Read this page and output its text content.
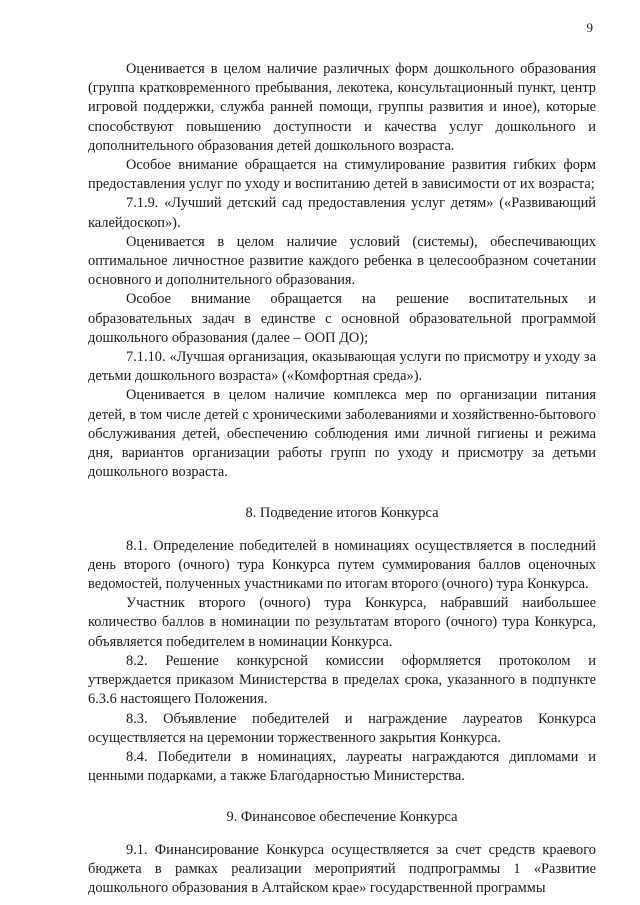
9

Оценивается в целом наличие различных форм дошкольного образования (группа кратковременного пребывания, лекотека, консультационный пункт, центр игровой поддержки, служба ранней помощи, группы развития и иное), которые способствуют повышению доступности и качества услуг дошкольного и дополнительного образования детей дошкольного возраста.

Особое внимание обращается на стимулирование развития гибких форм предоставления услуг по уходу и воспитанию детей в зависимости от их возраста;

7.1.9. «Лучший детский сад предоставления услуг детям» («Развивающий калейдоскоп»).

Оценивается в целом наличие условий (системы), обеспечивающих оптимальное личностное развитие каждого ребенка в целесообразном сочетании основного и дополнительного образования.

Особое внимание обращается на решение воспитательных и образовательных задач в единстве с основной образовательной программой дошкольного образования (далее – ООП ДО);

7.1.10. «Лучшая организация, оказывающая услуги по присмотру и уходу за детьми дошкольного возраста» («Комфортная среда»).

Оценивается в целом наличие комплекса мер по организации питания детей, в том числе детей с хроническими заболеваниями и хозяйственно-бытового обслуживания детей, обеспечению соблюдения ими личной гигиены и режима дня, вариантов организации работы групп по уходу и присмотру за детьми дошкольного возраста.

8. Подведение итогов Конкурса

8.1. Определение победителей в номинациях осуществляется в последний день второго (очного) тура Конкурса путем суммирования баллов оценочных ведомостей, полученных участниками по итогам второго (очного) тура Конкурса.

Участник второго (очного) тура Конкурса, набравший наибольшее количество баллов в номинации по результатам второго (очного) тура Конкурса, объявляется победителем в номинации Конкурса.

8.2. Решение конкурсной комиссии оформляется протоколом и утверждается приказом Министерства в пределах срока, указанного в подпункте 6.3.6 настоящего Положения.

8.3. Объявление победителей и награждение лауреатов Конкурса осуществляется на церемонии торжественного закрытия Конкурса.

8.4. Победители в номинациях, лауреаты награждаются дипломами и ценными подарками, а также Благодарностью Министерства.

9. Финансовое обеспечение Конкурса

9.1. Финансирование Конкурса осуществляется за счет средств краевого бюджета в рамках реализации мероприятий подпрограммы 1 «Развитие дошкольного образования в Алтайском крае» государственной программы
